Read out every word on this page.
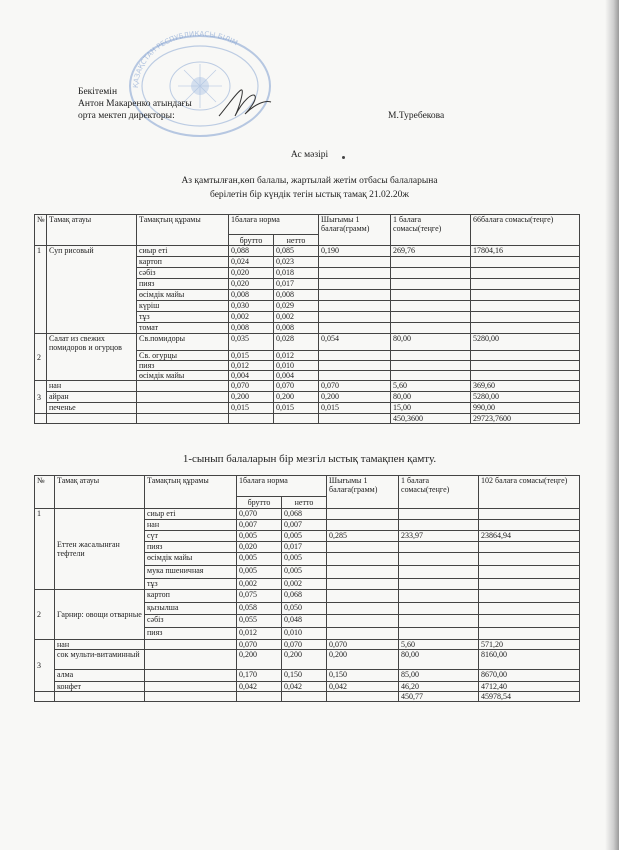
ҚАЗАҚСТАН РЕСПУБЛИКАСЫ БІЛІМ
Бекітемін
Антон Макаренко атындағы
орта мектеп директоры:	М.Туребекова
Ас мәзірі
Аз қамтылған,көп балалы, жартылай жетім отбасы балаларына
берілетін бір күндік тегін ыстық тамақ 21.02.20ж
№	Тамақ атауы	Тамақтың құрамы	1балаға норма		Шығымы 1 балаға(грамм)	1 балаға сомасы(теңге)	66балаға сомасы(теңге)
			брутто	нетто			
1	Суп рисовый	сиыр еті	0,088	0,085	0,190	269,76	17804,16
		картоп	0,024	0,023			
		сәбіз	0,020	0,018			
		пияз	0,020	0,017			
		өсімдік майы	0,008	0,008			
		күріш	0,030	0,029			
		тұз	0,002	0,002			
		томат	0,008	0,008			
2	Салат из свежих помидоров и огурцов	Св.помидоры	0,035	0,028	0,054	80,00	5280,00
		Св. огурцы	0,015	0,012			
		пияз	0,012	0,010			
		өсімдік майы	0,004	0,004			
3	нан		0,070	0,070	0,070	5,60	369,60
	айран		0,200	0,200	0,200	80,00	5280,00
	печенье		0,015	0,015	0,015	15,00	990,00
						450,3600	29723,7600
1-сынып балаларын бір мезгіл ыстық тамақпен қамту.
№	Тамақ атауы	Тамақтың құрамы	1балаға норма		Шығымы 1 балаға(грамм)	1 балаға сомасы(теңге)	102 балаға сомасы(теңге)
			брутто	нетто			
1	Еттен жасалынған тефтели	сиыр еті	0,070	0,068			
		нан	0,007	0,007			
		сүт	0,005	0,005	0,285	233,97	23864,94
		пияз	0,020	0,017			
		өсімдік майы	0,005	0,005			
		мука пшеничная	0,005	0,005			
		тұз	0,002	0,002			
2	Гарнир: овощи отварные	картоп	0,075	0,068			
		қызылша	0,058	0,050			
		сәбіз	0,055	0,048			
		пияз	0,012	0,010			
3	нан		0,070	0,070	0,070	5,60	571,20
	сок мульти-витаминный		0,200	0,200	0,200	80,00	8160,00
	алма		0,170	0,150	0,150	85,00	8670,00
	конфет		0,042	0,042	0,042	46,20	4712,40
						450,77	45978,54
